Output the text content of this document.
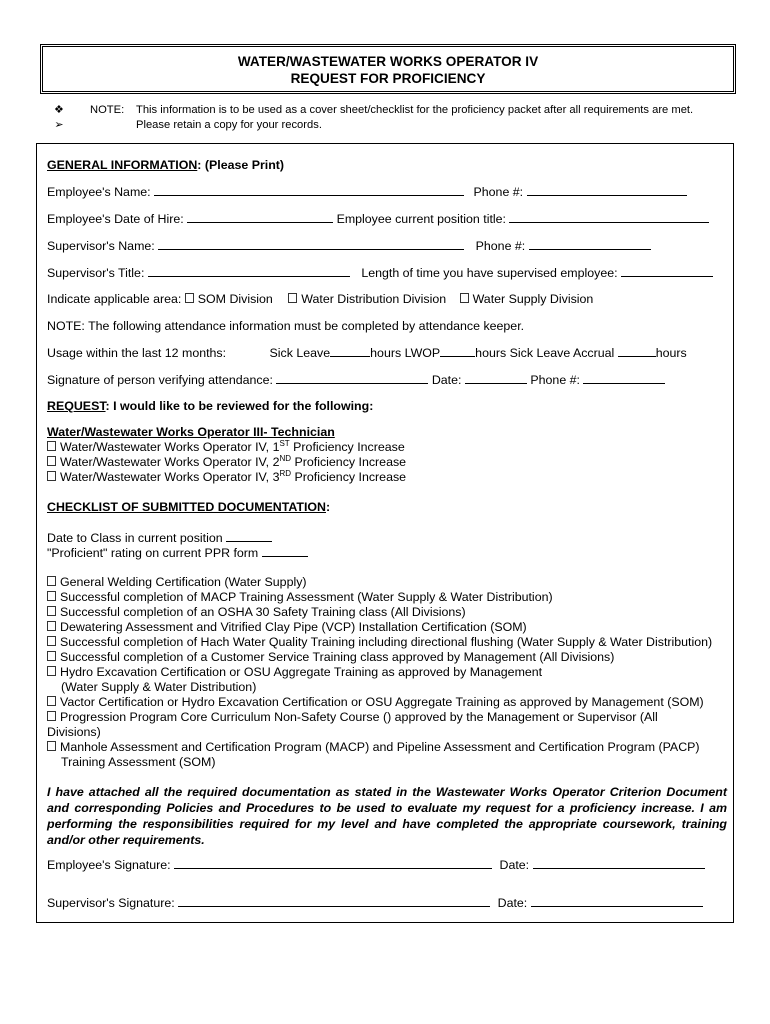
WATER/WASTEWATER WORKS OPERATOR IV
REQUEST FOR PROFICIENCY
❖ NOTE: This information is to be used as a cover sheet/checklist for the proficiency packet after all requirements are met.
➢	Please retain a copy for your records.
GENERAL INFORMATION: (Please Print)
Employee's Name:	Phone #:
Employee's Date of Hire:	Employee current position title:
Supervisor's Name:	Phone #:
Supervisor's Title:	Length of time you have supervised employee:
Indicate applicable area: SOM Division Water Distribution Division Water Supply Division
NOTE: The following attendance information must be completed by attendance keeper.
Usage within the last 12 months:	Sick Leave	hours LWOP	hours Sick Leave Accrual	hours
Signature of person verifying attendance:	Date:	Phone #:
REQUEST: I would like to be reviewed for the following:
Water/Wastewater Works Operator III- Technician
Water/Wastewater Works Operator IV, 1ST Proficiency Increase
Water/Wastewater Works Operator IV, 2ND Proficiency Increase
Water/Wastewater Works Operator IV, 3RD Proficiency Increase
CHECKLIST OF SUBMITTED DOCUMENTATION:
Date to Class in current position
"Proficient" rating on current PPR form
General Welding Certification (Water Supply)
Successful completion of MACP Training Assessment (Water Supply & Water Distribution)
Successful completion of an OSHA 30 Safety Training class (All Divisions)
Dewatering Assessment and Vitrified Clay Pipe (VCP) Installation Certification (SOM)
Successful completion of Hach Water Quality Training including directional flushing (Water Supply & Water Distribution)
Successful completion of a Customer Service Training class approved by Management (All Divisions)
Hydro Excavation Certification or OSU Aggregate Training as approved by Management
(Water Supply & Water Distribution)
Vactor Certification or Hydro Excavation Certification or OSU Aggregate Training as approved by Management (SOM)
Progression Program Core Curriculum Non-Safety Course () approved by the Management or Supervisor (All
Divisions)
Manhole Assessment and Certification Program (MACP) and Pipeline Assessment and Certification Program (PACP)
Training Assessment (SOM)
I have attached all the required documentation as stated in the Wastewater Works Operator Criterion Document and corresponding Policies and Procedures to be used to evaluate my request for a proficiency increase. I am performing the responsibilities required for my level and have completed the appropriate coursework, training and/or other requirements.
Employee's Signature:	Date:
Supervisor's Signature:	Date:
